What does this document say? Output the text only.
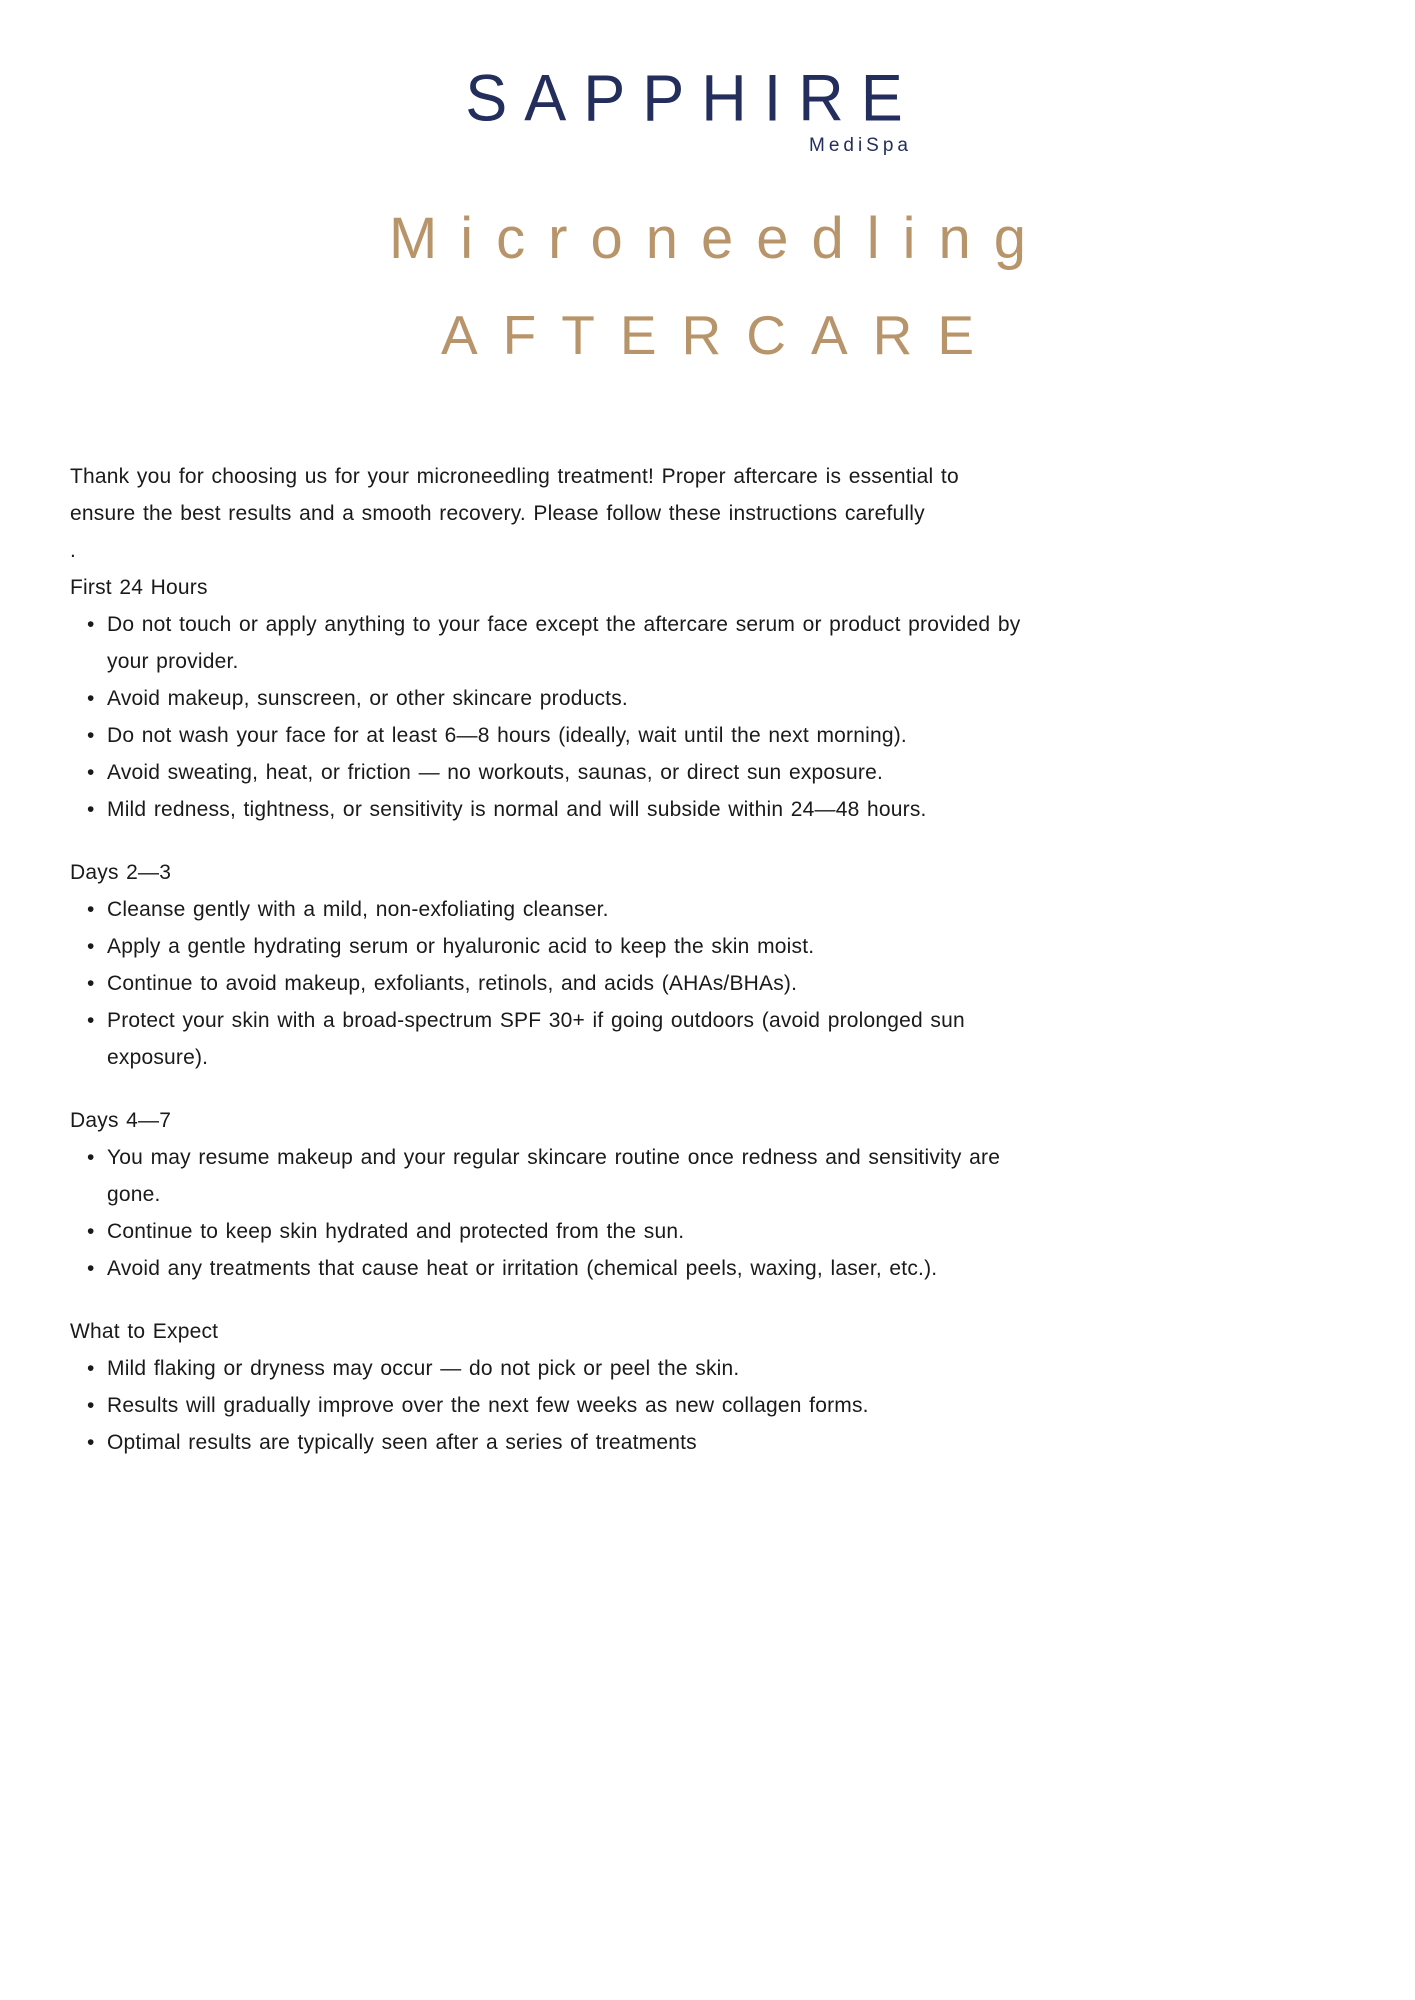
SAPPHIRE
MediSpa
Microneedling
AFTERCARE

Thank you for choosing us for your microneedling treatment! Proper aftercare is essential to ensure the best results and a smooth recovery. Please follow these instructions carefully

.

First 24 Hours
• Do not touch or apply anything to your face except the aftercare serum or product provided by your provider.
• Avoid makeup, sunscreen, or other skincare products.
• Do not wash your face for at least 6—8 hours (ideally, wait until the next morning).
• Avoid sweating, heat, or friction — no workouts, saunas, or direct sun exposure.
• Mild redness, tightness, or sensitivity is normal and will subside within 24—48 hours.
Days 2—3
• Cleanse gently with a mild, non-exfoliating cleanser.
• Apply a gentle hydrating serum or hyaluronic acid to keep the skin moist.
• Continue to avoid makeup, exfoliants, retinols, and acids (AHAs/BHAs).
• Protect your skin with a broad-spectrum SPF 30+ if going outdoors (avoid prolonged sun exposure).
Days 4—7
• You may resume makeup and your regular skincare routine once redness and sensitivity are gone.
• Continue to keep skin hydrated and protected from the sun.
• Avoid any treatments that cause heat or irritation (chemical peels, waxing, laser, etc.).
What to Expect
• Mild flaking or dryness may occur — do not pick or peel the skin.
• Results will gradually improve over the next few weeks as new collagen forms.
• Optimal results are typically seen after a series of treatments
